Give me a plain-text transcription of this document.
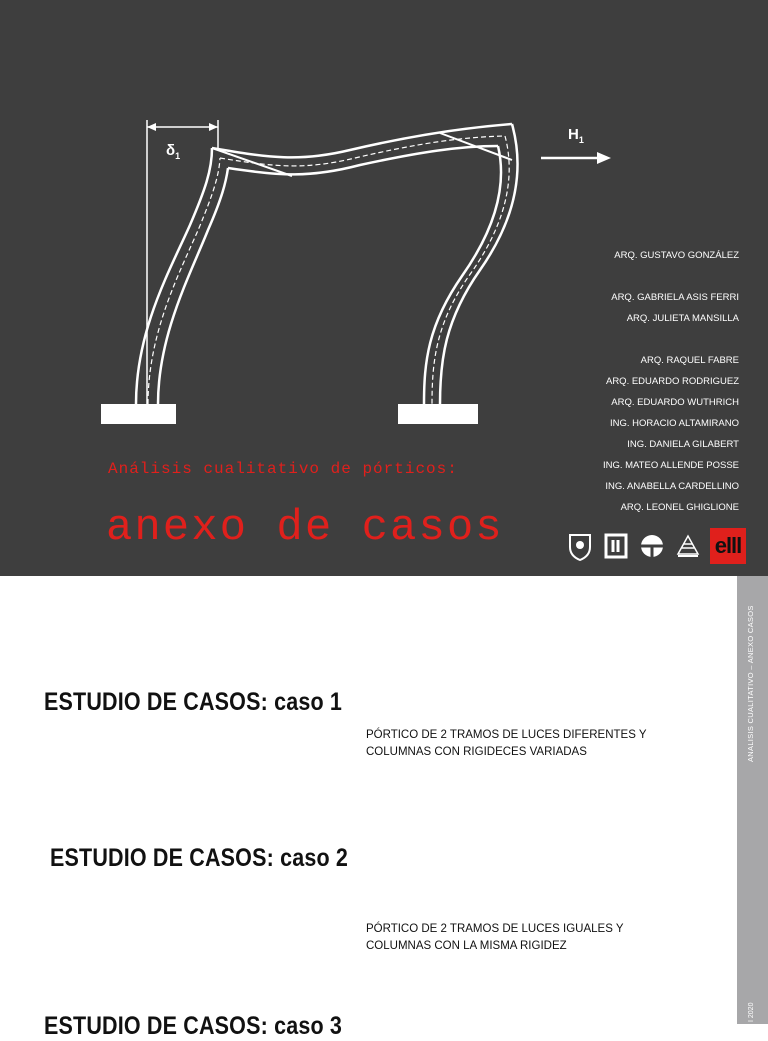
$\delta_1$
$H_1$
Análisis cualitativo de pórticos:
anexo de casos
ARQ. GUSTAVO GONZÁLEZ
ARQ. GABRIELA ASIS FERRI
ARQ. JULIETA MANSILLA
ARQ. RAQUEL FABRE
ARQ. EDUARDO RODRIGUEZ
ARQ. EDUARDO WUTHRICH
ING. HORACIO ALTAMIRANO
ING. DANIELA GILABERT
ING. MATEO ALLENDE POSSE
ING. ANABELLA CARDELLINO
ARQ. LEONEL GHIGLIONE
elll
ESTUDIO DE CASOS: caso 1
PÓRTICO DE 2 TRAMOS DE LUCES DIFERENTES Y
COLUMNAS CON RIGIDECES VARIADAS
ESTUDIO DE CASOS: caso 2
PÓRTICO DE 2 TRAMOS DE LUCES IGUALES Y
COLUMNAS CON LA MISMA RIGIDEZ
ESTUDIO DE CASOS: caso 3
ANALISIS CUALITATIVO – ANEXO CASOS
I 2020
